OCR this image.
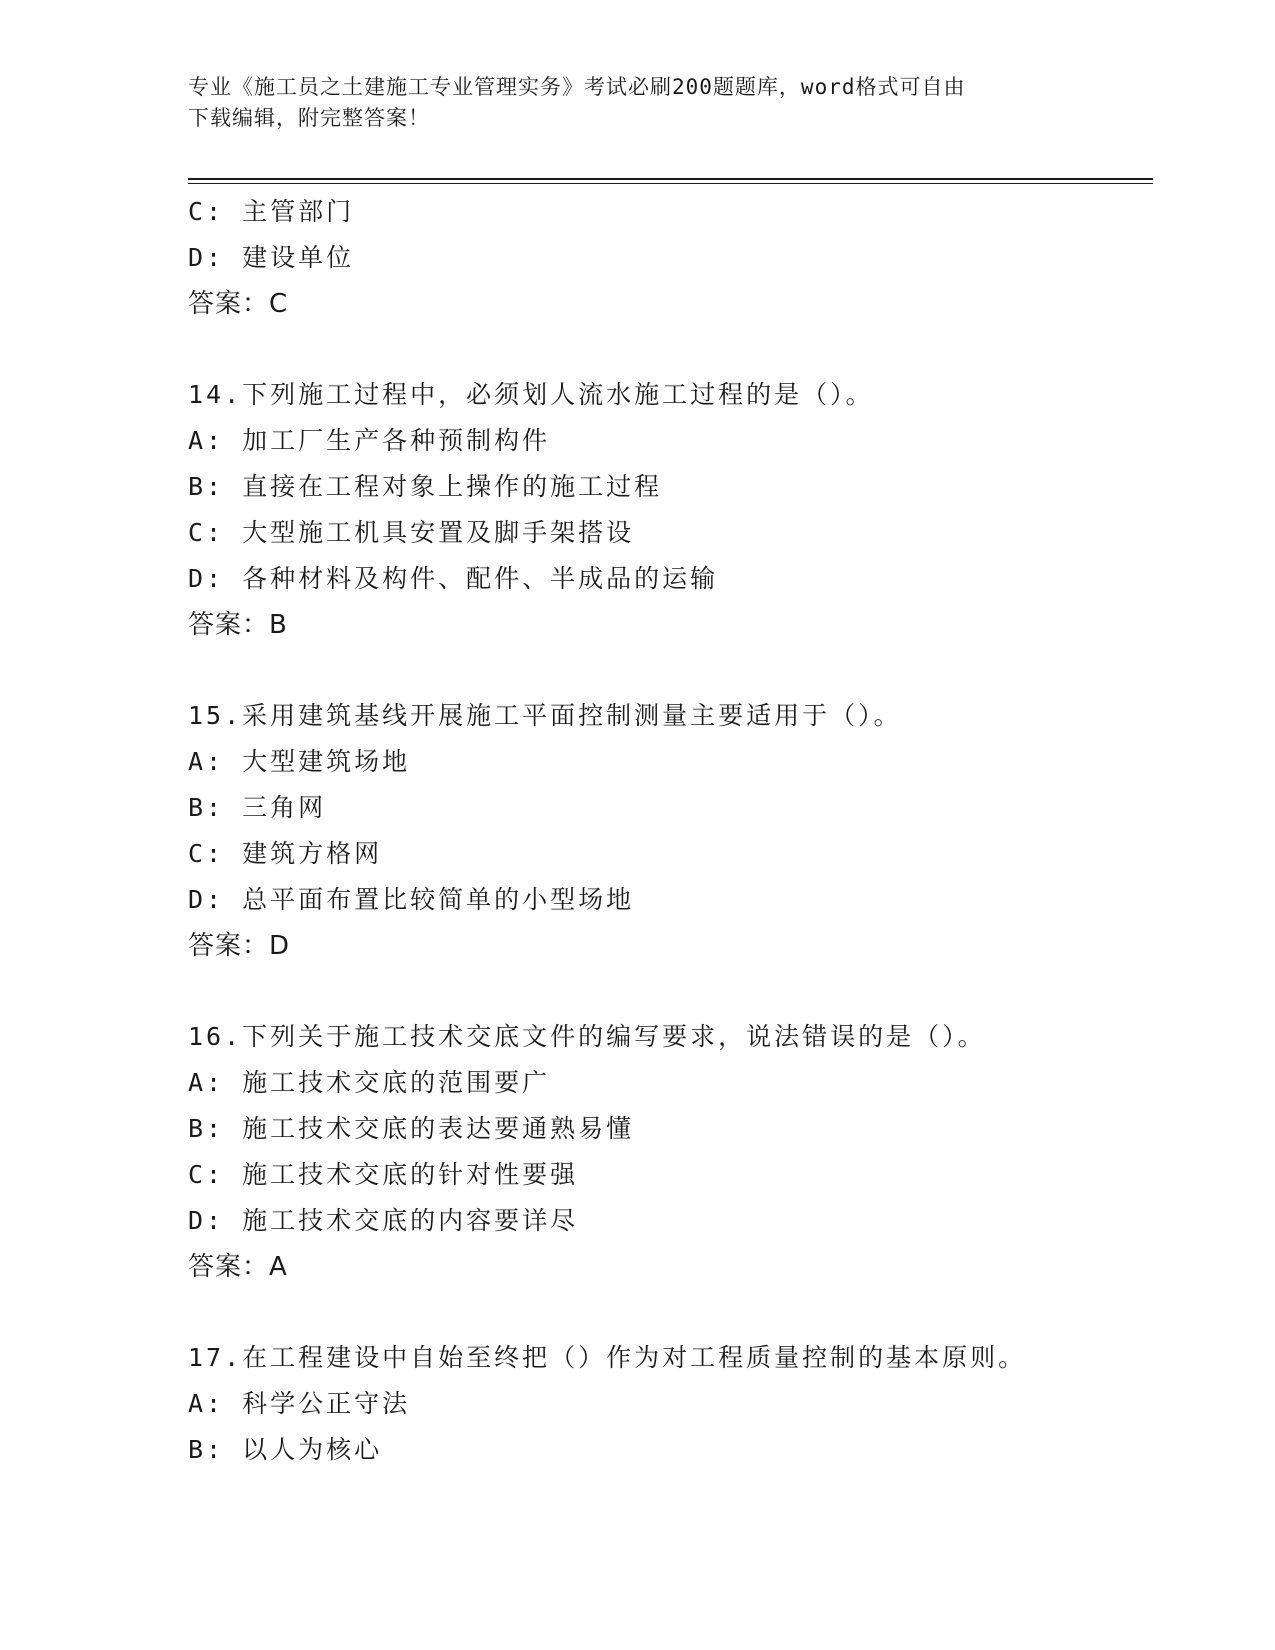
专业《施工员之土建施工专业管理实务》考试必刷200题题库，word格式可自由
下载编辑，附完整答案！
C: 主管部门
D: 建设单位
答案：C
14.下列施工过程中，必须划人流水施工过程的是（）。
A: 加工厂生产各种预制构件
B: 直接在工程对象上操作的施工过程
C: 大型施工机具安置及脚手架搭设
D: 各种材料及构件、配件、半成品的运输
答案：B
15.采用建筑基线开展施工平面控制测量主要适用于（）。
A: 大型建筑场地
B: 三角网
C: 建筑方格网
D: 总平面布置比较简单的小型场地
答案：D
16.下列关于施工技术交底文件的编写要求，说法错误的是（）。
A: 施工技术交底的范围要广
B: 施工技术交底的表达要通熟易懂
C: 施工技术交底的针对性要强
D: 施工技术交底的内容要详尽
答案：A
17.在工程建设中自始至终把（）作为对工程质量控制的基本原则。
A: 科学公正守法
B: 以人为核心
